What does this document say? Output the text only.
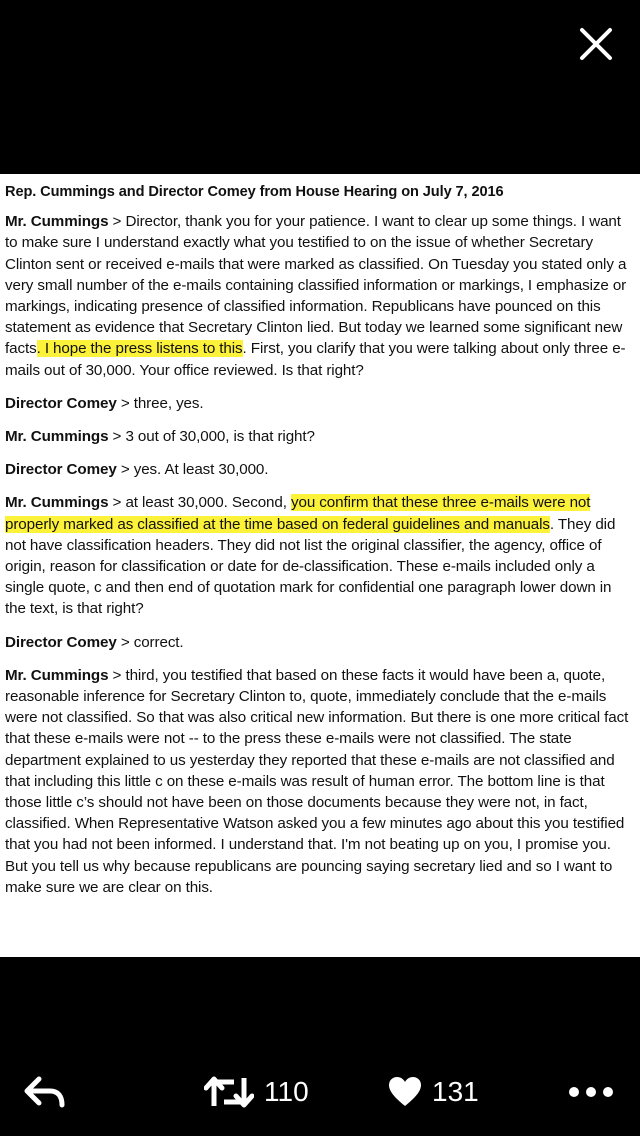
Rep. Cummings and Director Comey from House Hearing on July 7, 2016

Mr. Cummings > Director, thank you for your patience. I want to clear up some things. I want to make sure I understand exactly what you testified to on the issue of whether Secretary Clinton sent or received e-mails that were marked as classified. On Tuesday you stated only a very small number of the e-mails containing classified information or markings, I emphasize or markings, indicating presence of classified information. Republicans have pounced on this statement as evidence that Secretary Clinton lied. But today we learned some significant new facts. I hope the press listens to this. First, you clarify that you were talking about only three e-mails out of 30,000. Your office reviewed. Is that right?

Director Comey > three, yes.

Mr. Cummings > 3 out of 30,000, is that right?

Director Comey > yes. At least 30,000.

Mr. Cummings > at least 30,000. Second, you confirm that these three e-mails were not properly marked as classified at the time based on federal guidelines and manuals. They did not have classification headers. They did not list the original classifier, the agency, office of origin, reason for classification or date for de-classification. These e-mails included only a single quote, c and then end of quotation mark for confidential one paragraph lower down in the text, is that right?

Director Comey > correct.

Mr. Cummings > third, you testified that based on these facts it would have been a, quote, reasonable inference for Secretary Clinton to, quote, immediately conclude that the e-mails were not classified. So that was also critical new information. But there is one more critical fact that these e-mails were not -- to the press these e-mails were not classified. The state department explained to us yesterday they reported that these e-mails are not classified and that including this little c on these e-mails was result of human error. The bottom line is that those little c’s should not have been on those documents because they were not, in fact, classified. When Representative Watson asked you a few minutes ago about this you testified that you had not been informed. I understand that. I'm not beating up on you, I promise you. But you tell us why because republicans are pouncing saying secretary lied and so I want to make sure we are clear on this.

110	131
